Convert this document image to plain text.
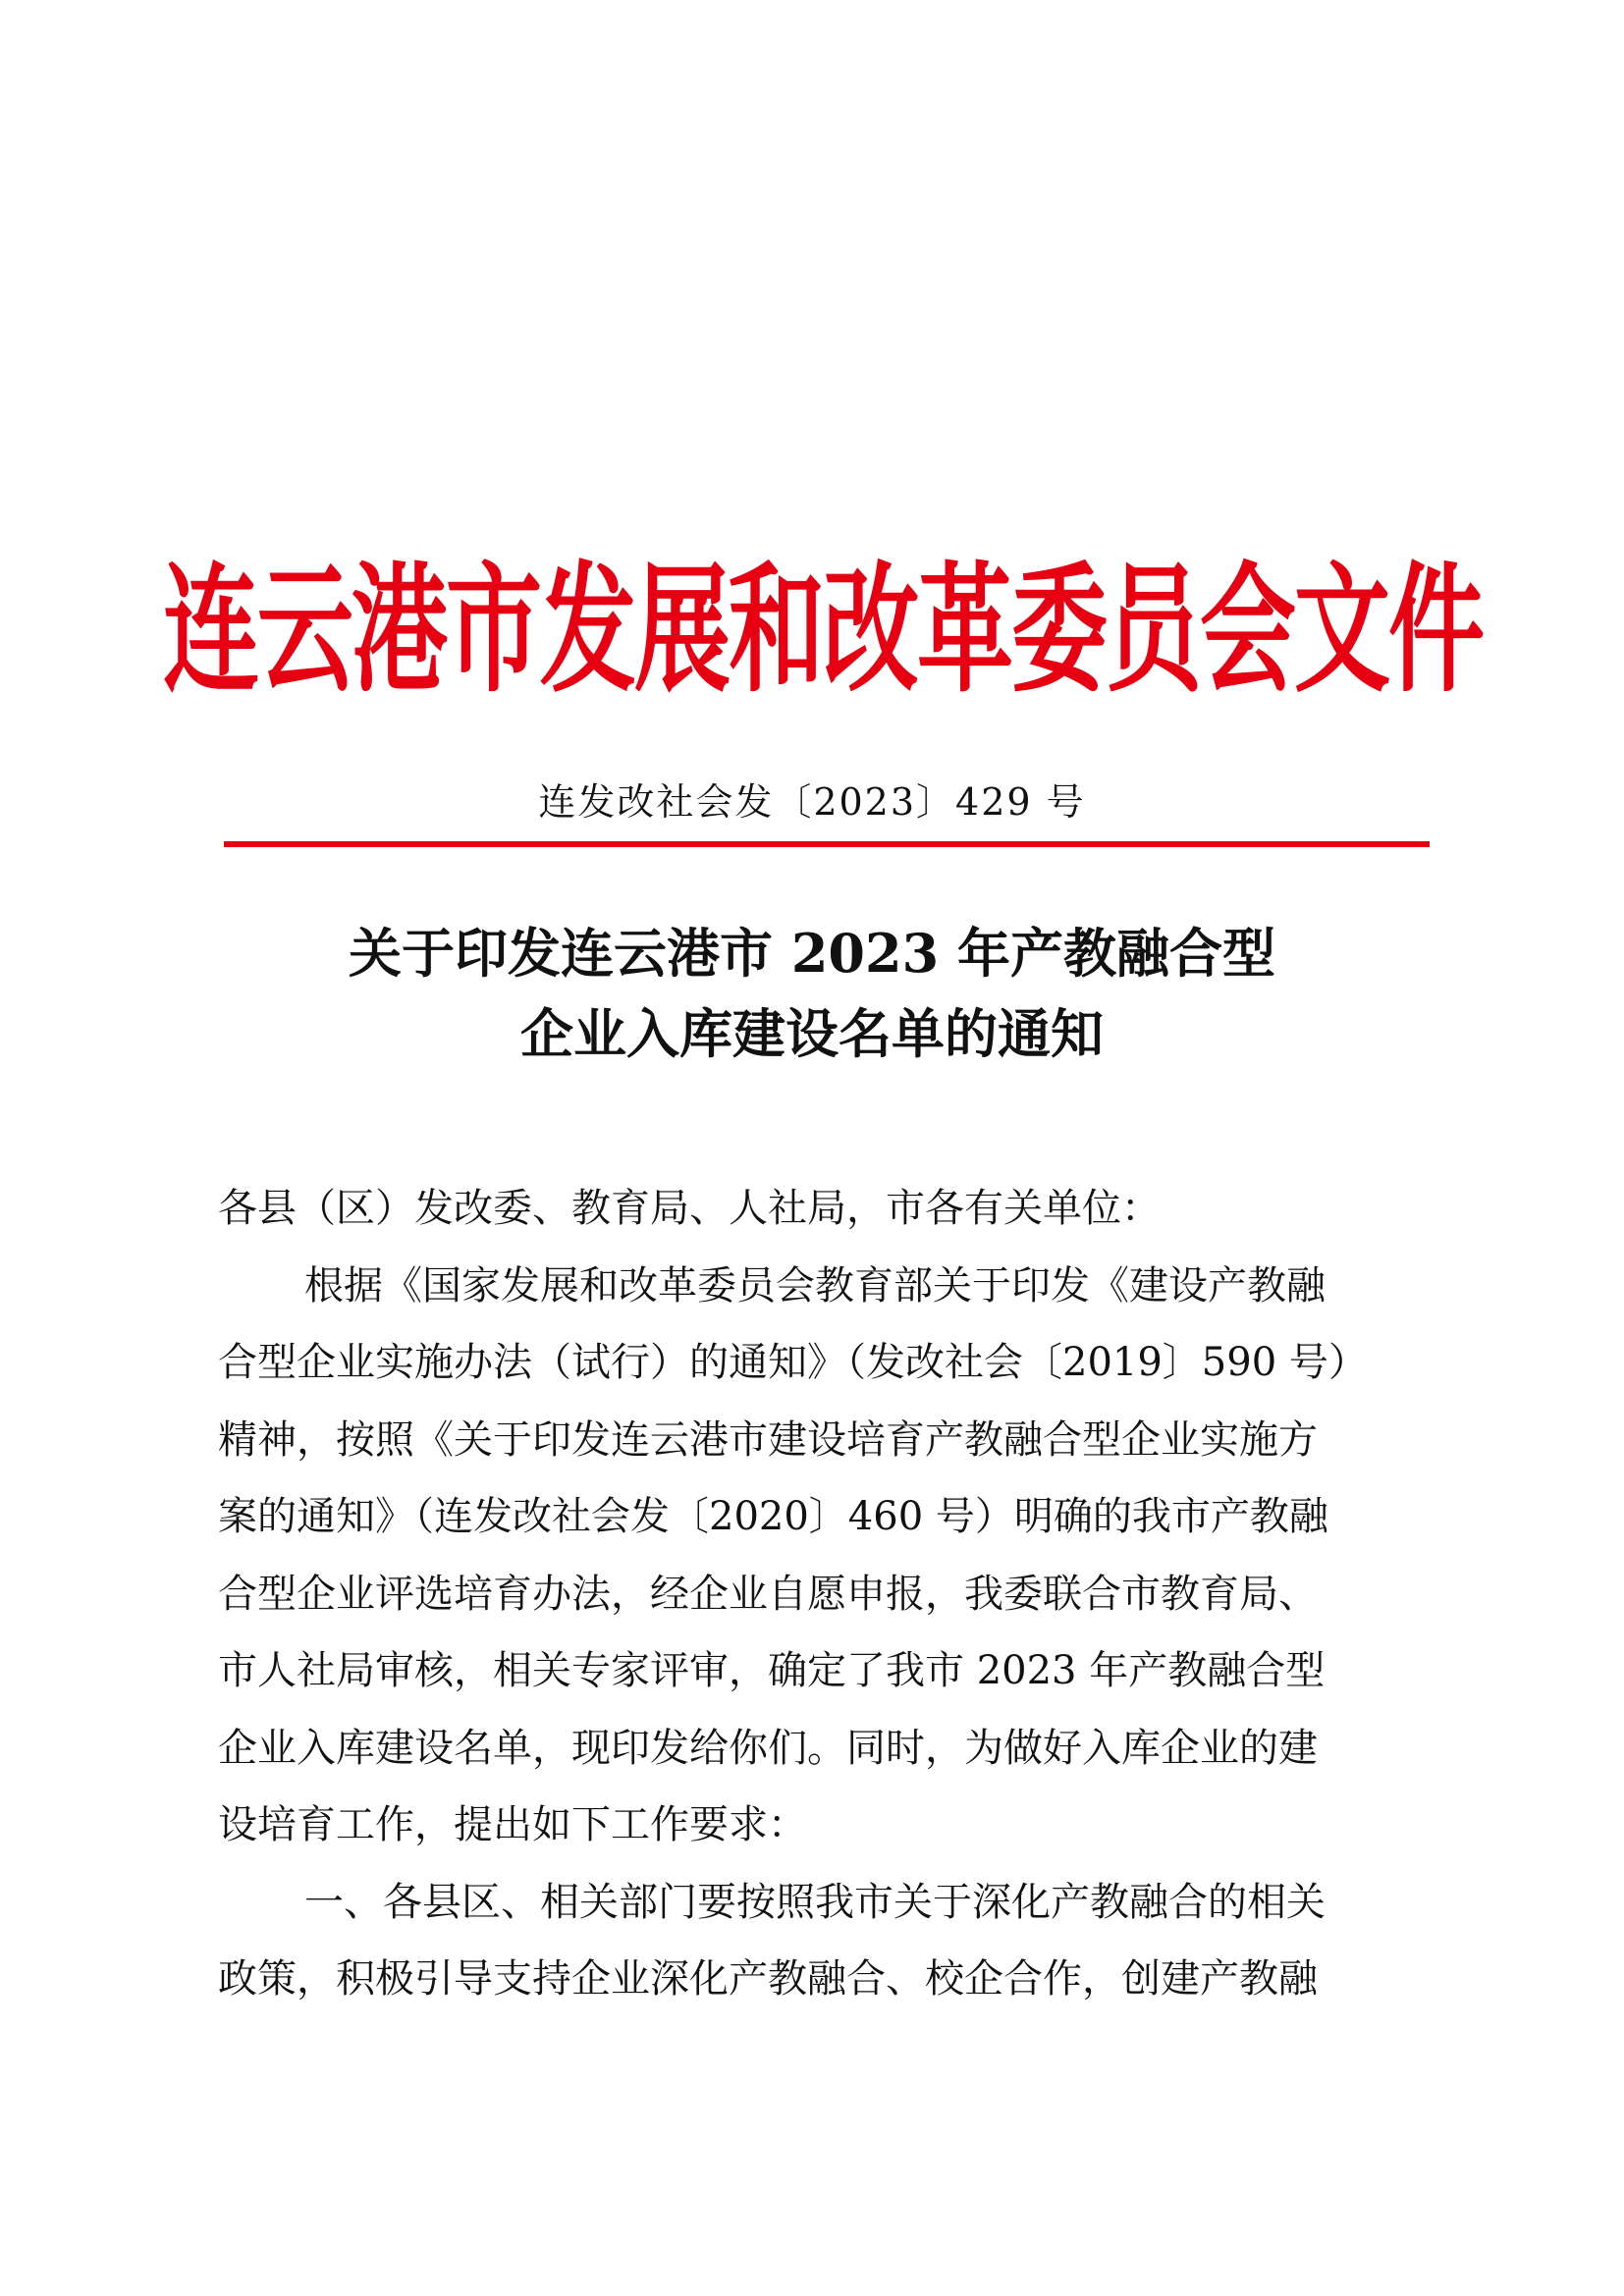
连云港市发展和改革委员会文件
连发改社会发〔2023〕429 号
关于印发连云港市 2023 年产教融合型
企业入库建设名单的通知
各县（区）发改委、教育局、人社局，市各有关单位：
根据《国家发展和改革委员会教育部关于印发《建设产教融
合型企业实施办法（试行）的通知》（发改社会〔2019〕590 号）
精神，按照《关于印发连云港市建设培育产教融合型企业实施方
案的通知》（连发改社会发〔2020〕460 号）明确的我市产教融
合型企业评选培育办法，经企业自愿申报，我委联合市教育局、
市人社局审核，相关专家评审，确定了我市 2023 年产教融合型
企业入库建设名单，现印发给你们。同时，为做好入库企业的建
设培育工作，提出如下工作要求：
一、各县区、相关部门要按照我市关于深化产教融合的相关
政策，积极引导支持企业深化产教融合、校企合作，创建产教融
